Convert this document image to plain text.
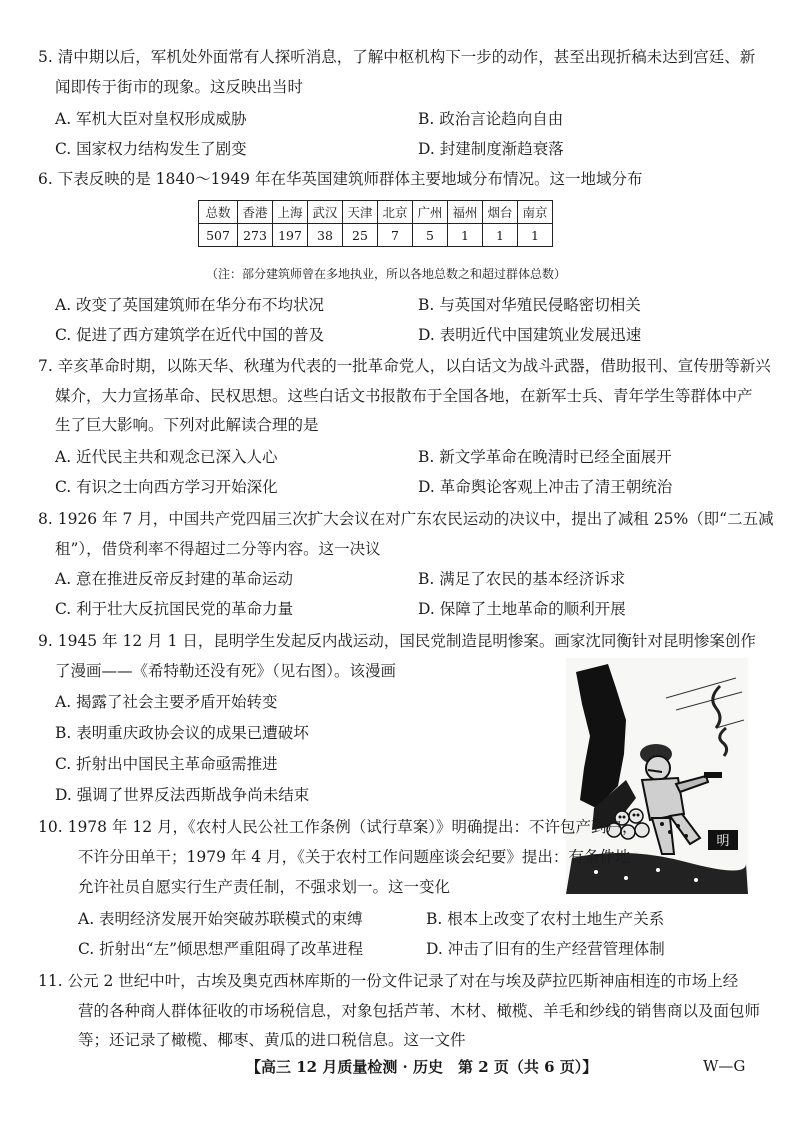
5. 清中期以后，军机处外面常有人探听消息，了解中枢机构下一步的动作，甚至出现折稿未达到宫廷、新
闻即传于街市的现象。这反映出当时
A. 军机大臣对皇权形成威胁	B. 政治言论趋向自由
C. 国家权力结构发生了剧变	D. 封建制度渐趋衰落
6. 下表反映的是 1840～1949 年在华英国建筑师群体主要地域分布情况。这一地域分布
总数	香港	上海	武汉	天津	北京	广州	福州	烟台	南京
507	273	197	38	25	7	5	1	1	1
（注：部分建筑师曾在多地执业，所以各地总数之和超过群体总数）
A. 改变了英国建筑师在华分布不均状况	B. 与英国对华殖民侵略密切相关
C. 促进了西方建筑学在近代中国的普及	D. 表明近代中国建筑业发展迅速
7. 辛亥革命时期，以陈天华、秋瑾为代表的一批革命党人，以白话文为战斗武器，借助报刊、宣传册等新兴
媒介，大力宣扬革命、民权思想。这些白话文书报散布于全国各地，在新军士兵、青年学生等群体中产
生了巨大影响。下列对此解读合理的是
A. 近代民主共和观念已深入人心	B. 新文学革命在晚清时已经全面展开
C. 有识之士向西方学习开始深化	D. 革命舆论客观上冲击了清王朝统治
8. 1926 年 7 月，中国共产党四届三次扩大会议在对广东农民运动的决议中，提出了减租 25%（即“二五减
租”），借贷利率不得超过二分等内容。这一决议
A. 意在推进反帝反封建的革命运动	B. 满足了农民的基本经济诉求
C. 利于壮大反抗国民党的革命力量	D. 保障了土地革命的顺利开展
9. 1945 年 12 月 1 日，昆明学生发起反内战运动，国民党制造昆明惨案。画家沈同衡针对昆明惨案创作
了漫画——《希特勒还没有死》（见右图）。该漫画
A. 揭露了社会主要矛盾开始转变
B. 表明重庆政协会议的成果已遭破坏
C. 折射出中国民主革命亟需推进
D. 强调了世界反法西斯战争尚未结束
明
10. 1978 年 12 月，《农村人民公社工作条例（试行草案）》明确提出：不许包产到户，
不许分田单干；1979 年 4 月，《关于农村工作问题座谈会纪要》提出：有条件地
允许社员自愿实行生产责任制，不强求划一。这一变化
A. 表明经济发展开始突破苏联模式的束缚	B. 根本上改变了农村土地生产关系
C. 折射出“左”倾思想严重阻碍了改革进程	D. 冲击了旧有的生产经营管理体制
11. 公元 2 世纪中叶，古埃及奥克西林库斯的一份文件记录了对在与埃及萨拉匹斯神庙相连的市场上经
营的各种商人群体征收的市场税信息，对象包括芦苇、木材、橄榄、羊毛和纱线的销售商以及面包师
等；还记录了橄榄、椰枣、黄瓜的进口税信息。这一文件
【高三 12 月质量检测 · 历史　第 2 页（共 6 页）】	W—G
